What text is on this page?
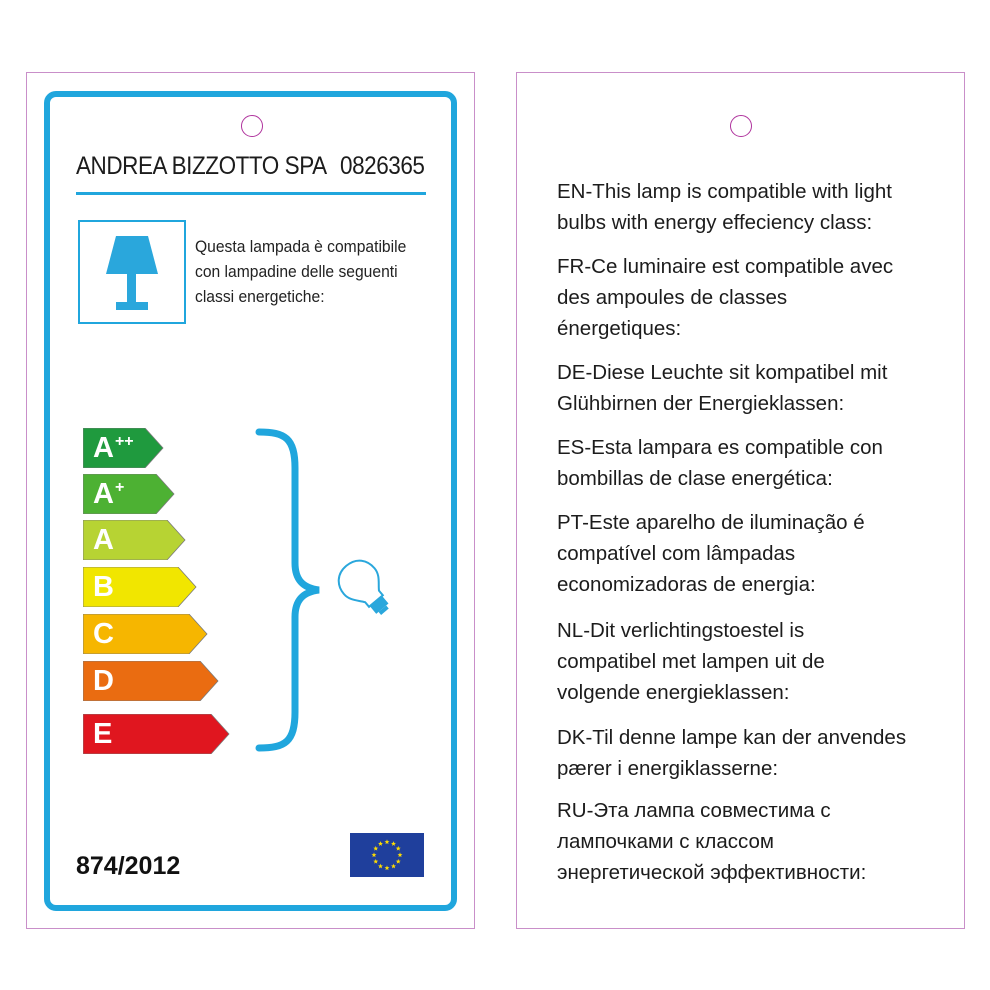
ANDREA BIZZOTTO SPA 0826365
Questa lampada è compatibile
con lampadine delle seguenti
classi energetiche:
A++
A+
A
B
C
D
E
874/2012
EN-This lamp is compatible with light
bulbs with energy effeciency class:
FR-Ce luminaire est compatible avec
des ampoules de classes
énergetiques:
DE-Diese Leuchte sit kompatibel mit
Glühbirnen der Energieklassen:
ES-Esta lampara es compatible con
bombillas de clase energética:
PT-Este aparelho de iluminação é
compatível com lâmpadas
economizadoras de energia:
NL-Dit verlichtingstoestel is
compatibel met lampen uit de
volgende energieklassen:
DK-Til denne lampe kan der anvendes
pærer i energiklasserne:
RU-Эта лампа совместима с
лампочками с классом
энергетической эффективности:
